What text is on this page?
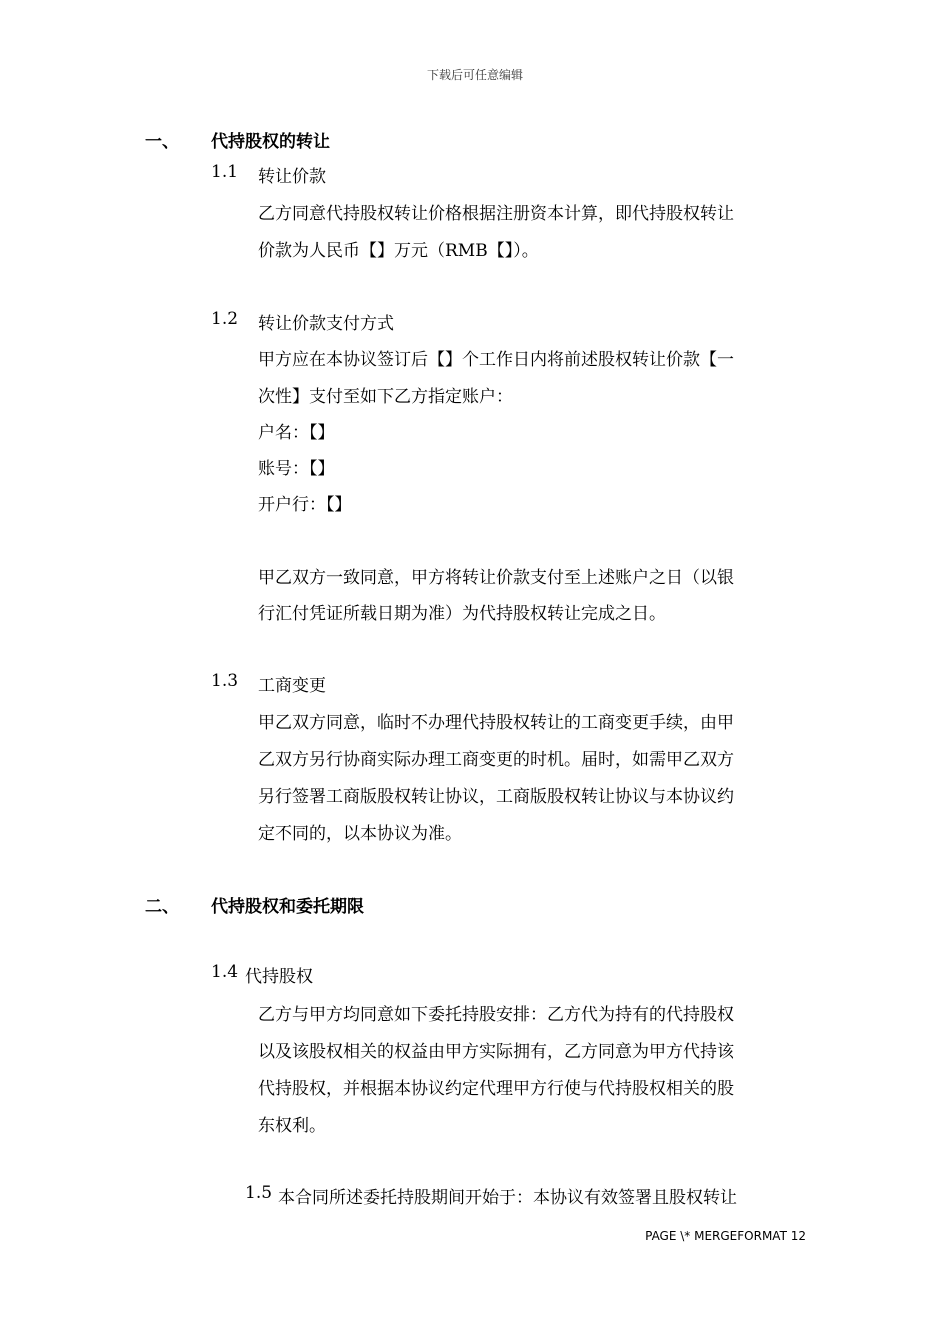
下载后可任意编辑
一、 代持股权的转让
1.1 转让价款
乙方同意代持股权转让价格根据注册资本计算，即代持股权转让
价款为人民币【】万元（RMB【】）。
1.2 转让价款支付方式
甲方应在本协议签订后【】个工作日内将前述股权转让价款【一
次性】支付至如下乙方指定账户：
户名：【】
账号：【】
开户行：【】
甲乙双方一致同意，甲方将转让价款支付至上述账户之日（以银
行汇付凭证所载日期为准）为代持股权转让完成之日。
1.3 工商变更
甲乙双方同意，临时不办理代持股权转让的工商变更手续，由甲
乙双方另行协商实际办理工商变更的时机。届时，如需甲乙双方
另行签署工商版股权转让协议，工商版股权转让协议与本协议约
定不同的，以本协议为准。
二、 代持股权和委托期限
1.4 代持股权
乙方与甲方均同意如下委托持股安排：乙方代为持有的代持股权
以及该股权相关的权益由甲方实际拥有，乙方同意为甲方代持该
代持股权，并根据本协议约定代理甲方行使与代持股权相关的股
东权利。
1.5 本合同所述委托持股期间开始于：本协议有效签署且股权转让
PAGE \* MERGEFORMAT 12
